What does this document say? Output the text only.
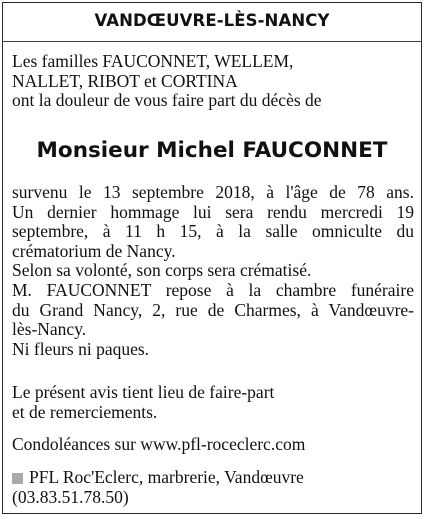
VANDŒUVRE-LÈS-NANCY
Les familles FAUCONNET, WELLEM,
NALLET, RIBOT et CORTINA
ont la douleur de vous faire part du décès de
Monsieur Michel FAUCONNET
survenu le 13 septembre 2018, à l'âge de 78 ans.
Un dernier hommage lui sera rendu mercredi 19
septembre, à 11 h 15, à la salle omniculte du
crématorium de Nancy.
Selon sa volonté, son corps sera crématisé.
M. FAUCONNET repose à la chambre funéraire
du Grand Nancy, 2, rue de Charmes, à Vandœuvre-
lès-Nancy.
Ni fleurs ni paques.
Le présent avis tient lieu de faire-part
et de remerciements.
Condoléances sur www.pfl-roceclerc.com
PFL Roc'Eclerc, marbrerie, Vandœuvre
(03.83.51.78.50)
